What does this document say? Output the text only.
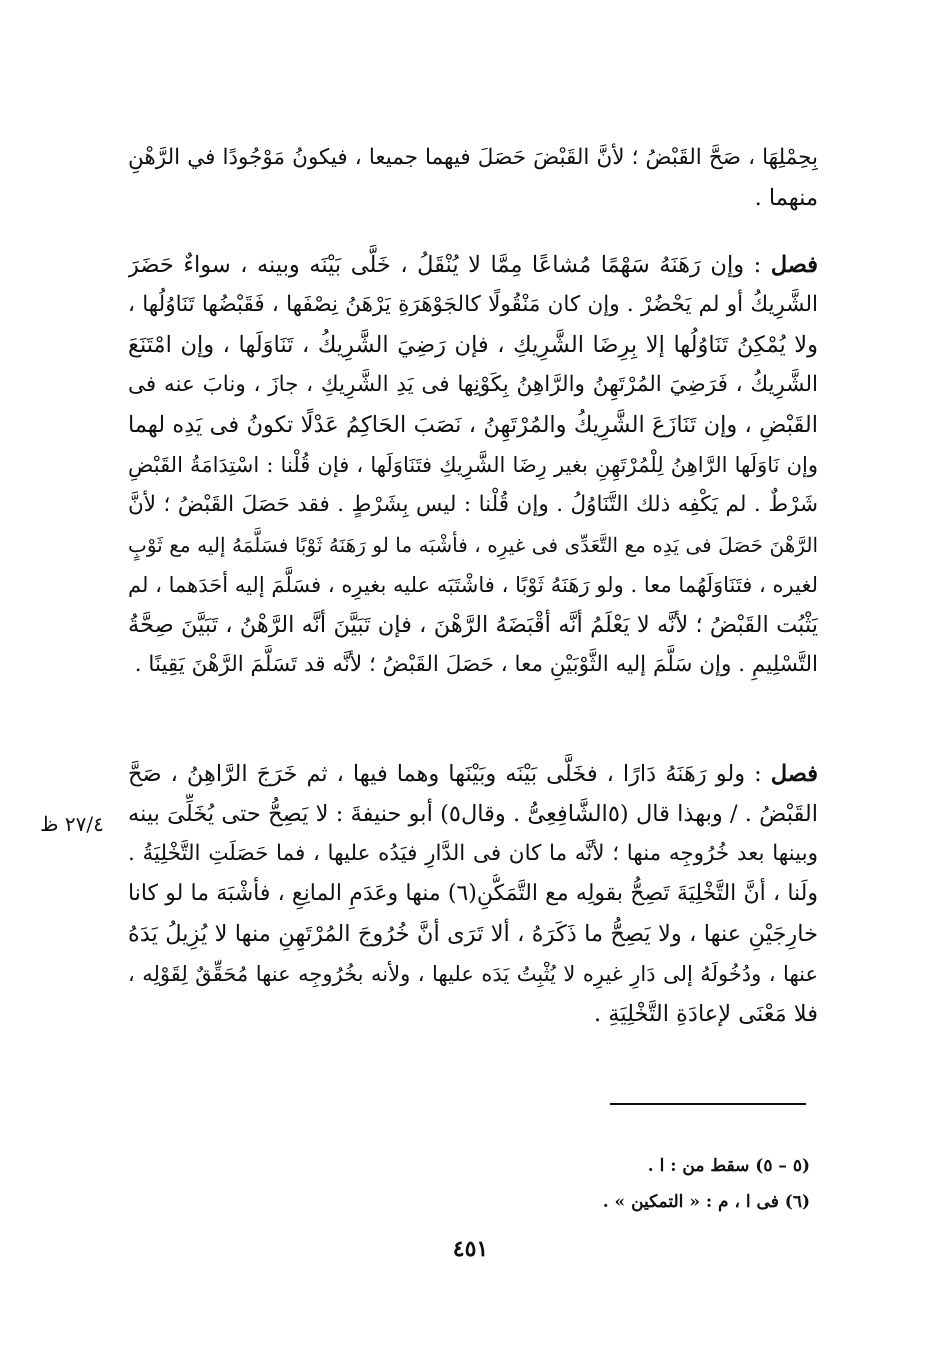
بِحِمْلِهَا ، صَحَّ القَبْضُ ؛ لأنَّ القَبْضَ حَصَلَ فيهما جميعا ، فيكونُ مَوْجُودًا في الرَّهْنِ
منهما .
فصل : وإن رَهَنَهُ سَهْمًا مُشاعًا مِمَّا لا يُنْقَلُ ، خَلَّى بَيْنَه وبينه ، سواءٌ حَضَرَ
الشَّرِيكُ أو لم يَحْضُرْ . وإن كان مَنْقُولًا كالجَوْهَرَةِ يَرْهَنُ نِصْفَها ، فَقَبْضُها تَنَاوُلُها ،
ولا يُمْكِنُ تَنَاوُلُها إلا بِرِضَا الشَّرِيكِ ، فإن رَضِيَ الشَّرِيكُ ، تَنَاوَلَها ، وإن امْتَنَعَ
الشَّرِيكُ ، فَرَضِيَ المُرْتَهِنُ والرَّاهِنُ بِكَوْنِها فى يَدِ الشَّرِيكِ ، جازَ ، ونابَ عنه فى
القَبْضِ ، وإن تَنَازَعَ الشَّرِيكُ والمُرْتَهِنُ ، نَصَبَ الحَاكِمُ عَدْلًا تكونُ فى يَدِه لهما
وإن نَاوَلَها الرَّاهِنُ لِلْمُرْتَهِنِ بغير رِضَا الشَّرِيكِ فتَنَاوَلَها ، فإن قُلْنا : اسْتِدَامَةُ القَبْضِ
شَرْطٌ . لم يَكْفِه ذلك التَّنَاوُلُ . وإن قُلْنا : ليس بِشَرْطٍ . فقد حَصَلَ القَبْضُ ؛ لأنَّ
الرَّهْنَ حَصَلَ فى يَدِه مع التَّعَدِّى فى غيرِه ، فأشْبَه ما لو رَهَنَهُ ثَوْبًا فسَلَّمَهُ إليه مع ثَوْبٍ
لغيره ، فتَنَاوَلَهُما معا . ولو رَهَنَهُ ثَوْبًا ، فاشْتَبَه عليه بغيرِه ، فسَلَّمَ إليه أحَدَهما ، لم
يَثْبُت القَبْضُ ؛ لأنَّه لا يَعْلَمُ أنَّه أقْبَضَهُ الرَّهْنَ ، فإن تَبَيَّنَ أنَّه الرَّهْنُ ، تَبَيَّنَ صِحَّةُ
التَّسْلِيمِ . وإن سَلَّمَ إليه الثَّوْبَيْنِ معا ، حَصَلَ القَبْضُ ؛ لأنَّه قد تَسَلَّمَ الرَّهْنَ يَقِينًا .
فصل : ولو رَهَنَهُ دَارًا ، فخَلَّى بَيْنَه وبَيْنَها وهما فيها ، ثم خَرَجَ الرَّاهِنُ ، صَحَّ
القَبْضُ . / وبهذا قال (٥الشَّافِعِىُّ . وقال٥) أبو حنيفةَ : لا يَصِحُّ حتى يُخَلِّىَ بينه
وبينها بعد خُرُوجِه منها ؛ لأنَّه ما كان فى الدَّارِ فيَدُه عليها ، فما حَصَلَتِ التَّخْلِيَةُ .
ولَنا ، أنَّ التَّخْلِيَةَ تَصِحُّ بقولِه مع التَّمَكُّنِ(٦) منها وعَدَمِ المانِعِ ، فأشْبَهَ ما لو كانا
خارِجَيْنِ عنها ، ولا يَصِحُّ ما ذَكَرَهُ ، ألا تَرَى أنَّ خُرُوجَ المُرْتَهِنِ منها لا يُزِيلُ يَدَهُ
عنها ، ودُخُولَهُ إلى دَارِ غيرِه لا يُثْبِتُ يَدَه عليها ، ولأنه بخُرُوجِه عنها مُحَقِّقٌ لِقَوْلِه ،
فلا مَعْنَى لإعادَةِ التَّخْلِيَةِ .
٢٧/٤ ظ
(٥ – ٥) سقط من : ا .
(٦) فى ا ، م : « التمكين » .
٤٥١
